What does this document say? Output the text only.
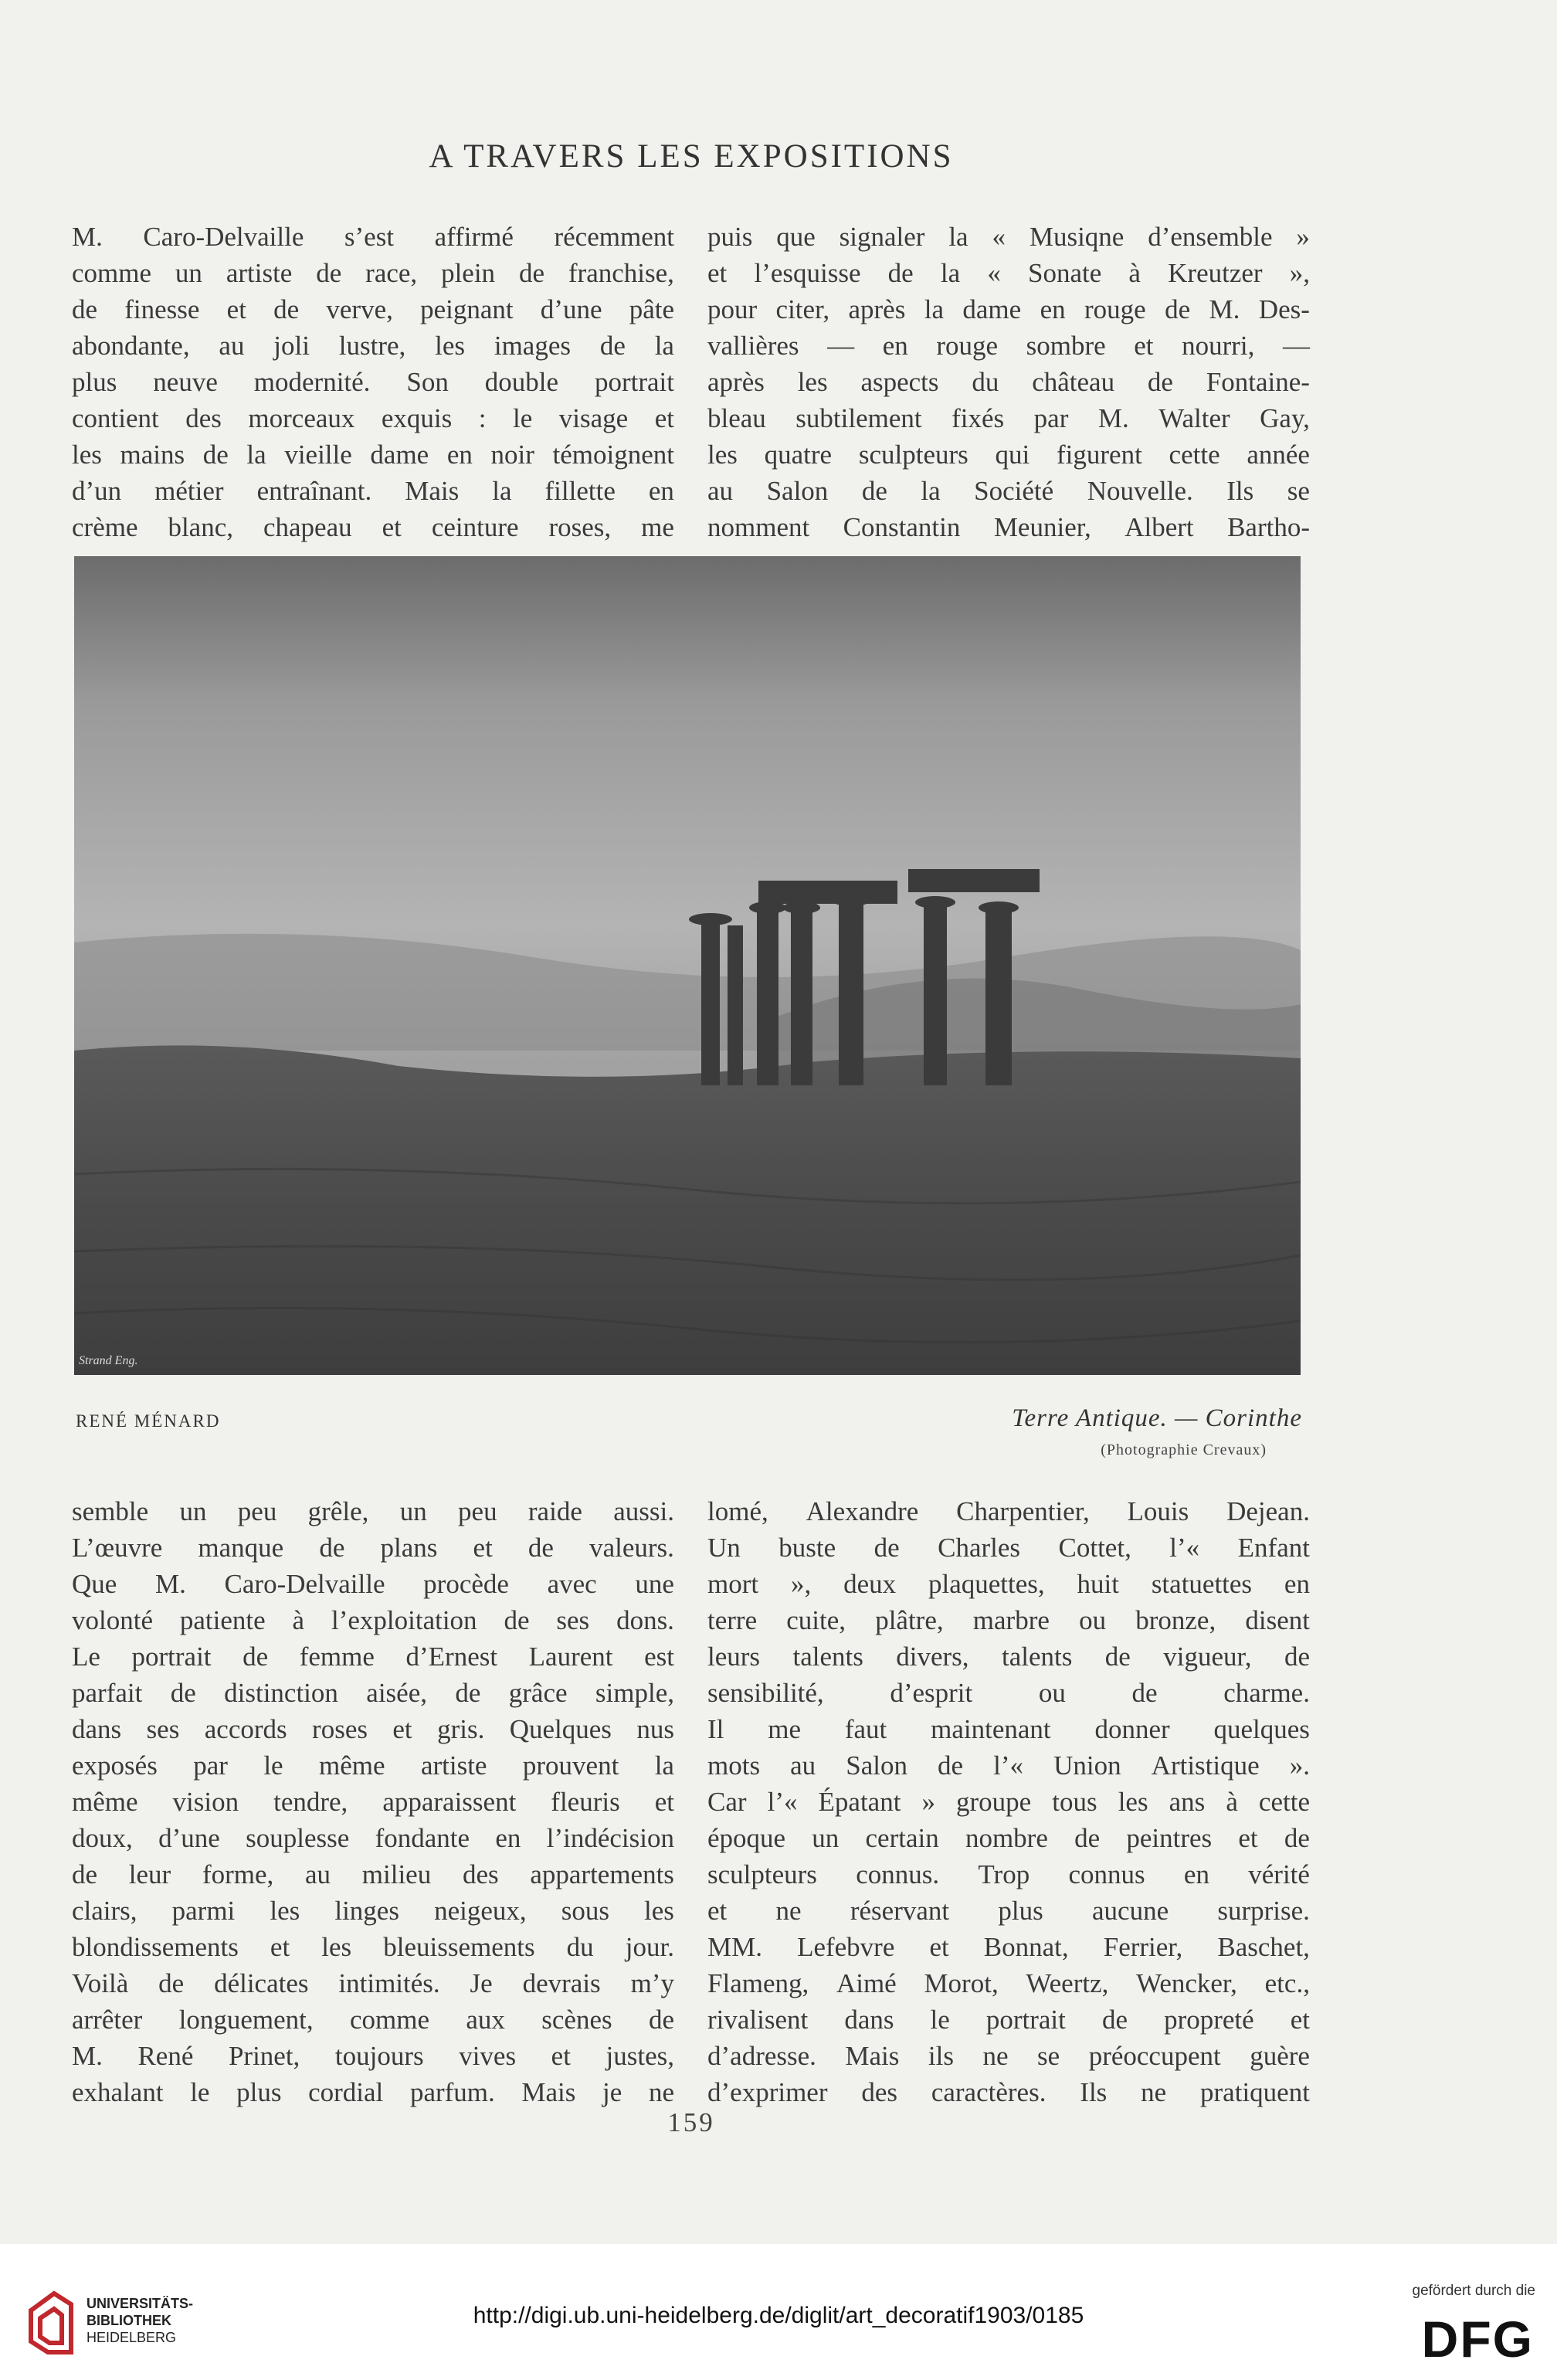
A TRAVERS LES EXPOSITIONS
M. Caro-Delvaille s’est affirmé récemment
comme un artiste de race, plein de franchise,
de finesse et de verve, peignant d’une pâte
abondante, au joli lustre, les images de la
plus neuve modernité. Son double portrait
contient des morceaux exquis : le visage et
les mains de la vieille dame en noir témoignent
d’un métier entraînant. Mais la fillette en
crème blanc, chapeau et ceinture roses, me
puis que signaler la « Musiqne d’ensemble »
et l’esquisse de la « Sonate à Kreutzer »,
pour citer, après la dame en rouge de M. Des-
vallières — en rouge sombre et nourri, —
après les aspects du château de Fontaine-
bleau subtilement fixés par M. Walter Gay,
les quatre sculpteurs qui figurent cette année
au Salon de la Société Nouvelle. Ils se
nomment Constantin Meunier, Albert Bartho-
Strand Eng.
RENÉ MÉNARD	Terre Antique. — Corinthe
(Photographie Crevaux)
semble un peu grêle, un peu raide aussi.
L’œuvre manque de plans et de valeurs.
Que M. Caro-Delvaille procède avec une
volonté patiente à l’exploitation de ses dons.
Le portrait de femme d’Ernest Laurent est
parfait de distinction aisée, de grâce simple,
dans ses accords roses et gris. Quelques nus
exposés par le même artiste prouvent la
même vision tendre, apparaissent fleuris et
doux, d’une souplesse fondante en l’indécision
de leur forme, au milieu des appartements
clairs, parmi les linges neigeux, sous les
blondissements et les bleuissements du jour.
Voilà de délicates intimités. Je devrais m’y
arrêter longuement, comme aux scènes de
M. René Prinet, toujours vives et justes,
exhalant le plus cordial parfum. Mais je ne
lomé, Alexandre Charpentier, Louis Dejean.
Un buste de Charles Cottet, l’« Enfant
mort », deux plaquettes, huit statuettes en
terre cuite, plâtre, marbre ou bronze, disent
leurs talents divers, talents de vigueur, de
sensibilité, d’esprit ou de charme.
Il me faut maintenant donner quelques
mots au Salon de l’« Union Artistique ».
Car l’« Épatant » groupe tous les ans à cette
époque un certain nombre de peintres et de
sculpteurs connus. Trop connus en vérité
et ne réservant plus aucune surprise.
MM. Lefebvre et Bonnat, Ferrier, Baschet,
Flameng, Aimé Morot, Weertz, Wencker, etc.,
rivalisent dans le portrait de propreté et
d’adresse. Mais ils ne se préoccupent guère
d’exprimer des caractères. Ils ne pratiquent
159
UNIVERSITÄTS-
BIBLIOTHEK
HEIDELBERG
http://digi.ub.uni-heidelberg.de/diglit/art_decoratif1903/0185
gefördert durch die
DFG
